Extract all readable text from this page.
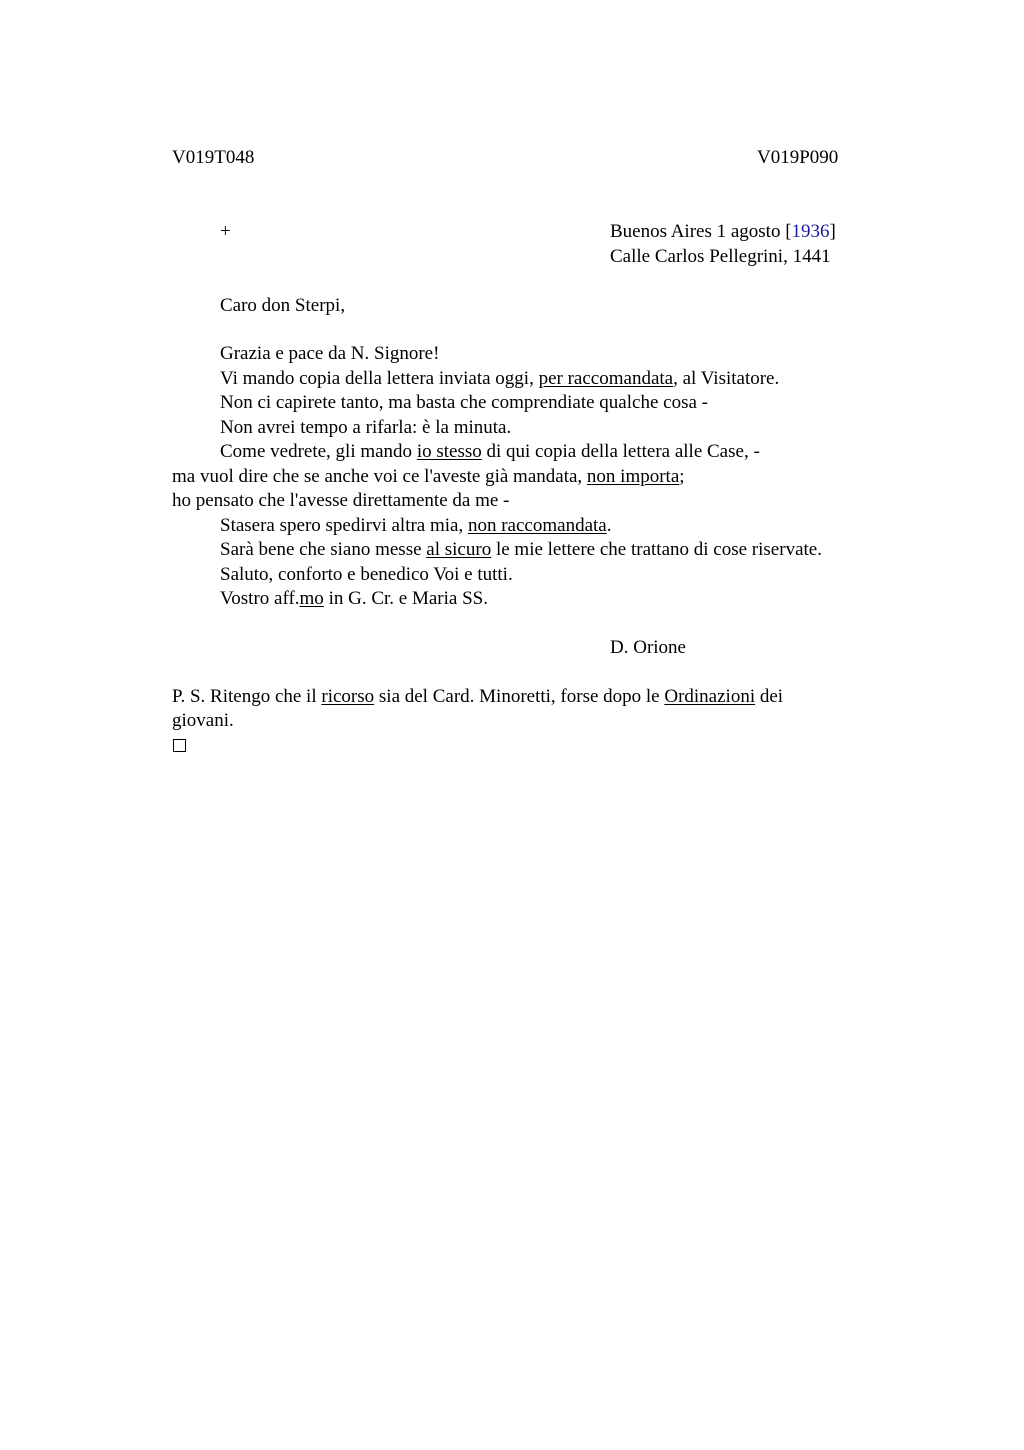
V019T048	V019P090
+	Buenos Aires 1 agosto [1936]
Calle Carlos Pellegrini, 1441
Caro don Sterpi,
Grazia e pace da N. Signore!
Vi mando copia della lettera inviata oggi, per raccomandata, al Visitatore.
Non ci capirete tanto, ma basta che comprendiate qualche cosa -
Non avrei tempo a rifarla: è la minuta.
Come vedrete, gli mando io stesso di qui copia della lettera alle Case, -
ma vuol dire che se anche voi ce l'aveste già mandata, non importa;
ho pensato che l'avesse direttamente da me -
Stasera spero spedirvi altra mia, non raccomandata.
Sarà bene che siano messe al sicuro le mie lettere che trattano di cose riservate.
Saluto, conforto e benedico Voi e tutti.
Vostro aff.mo in G. Cr. e Maria SS.
D. Orione
P. S. Ritengo che il ricorso sia del Card. Minoretti, forse dopo le Ordinazioni dei
giovani.
